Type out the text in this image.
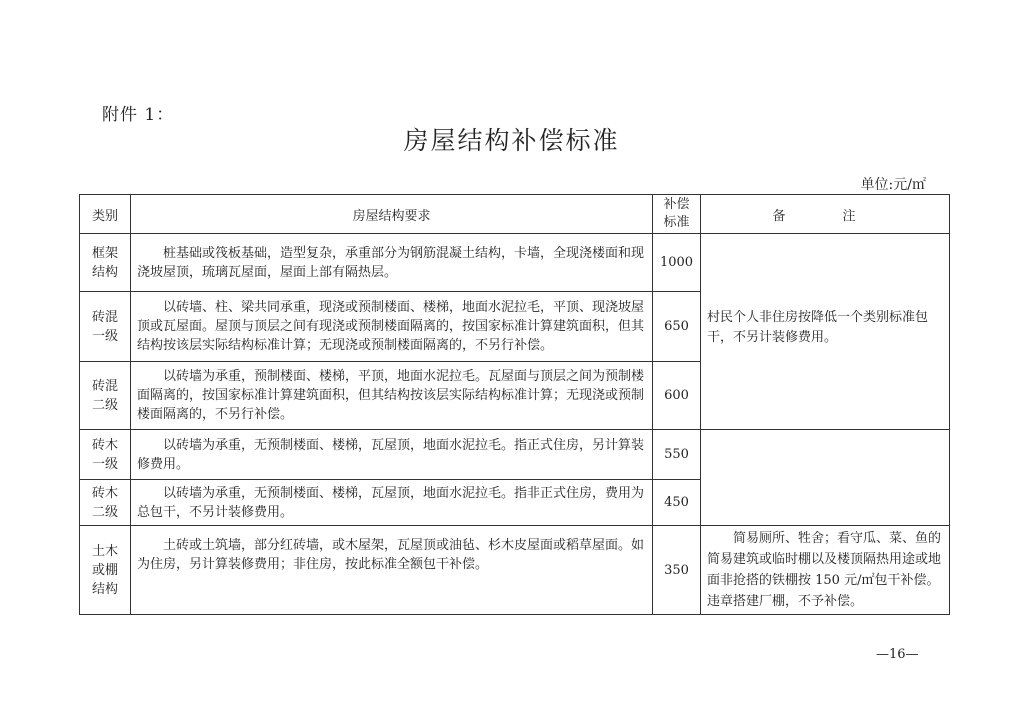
附件 1：
房屋结构补偿标准
单位:元/㎡
类别	房屋结构要求	补偿标准	备　注
框架结构	桩基础或筏板基础，造型复杂，承重部分为钢筋混凝土结构，卡墙，全现浇楼面和现浇坡屋顶，琉璃瓦屋面，屋面上部有隔热层。	1000	村民个人非住房按降低一个类别标准包干，不另计装修费用。
砖混一级	以砖墙、柱、梁共同承重，现浇或预制楼面、楼梯，地面水泥拉毛，平顶、现浇坡屋顶或瓦屋面。屋顶与顶层之间有现浇或预制楼面隔离的，按国家标准计算建筑面积，但其结构按该层实际结构标准计算；无现浇或预制楼面隔离的，不另行补偿。	650	
砖混二级	以砖墙为承重，预制楼面、楼梯，平顶，地面水泥拉毛。瓦屋面与顶层之间为预制楼面隔离的，按国家标准计算建筑面积，但其结构按该层实际结构标准计算；无现浇或预制楼面隔离的，不另行补偿。	600	
砖木一级	以砖墙为承重，无预制楼面、楼梯，瓦屋顶，地面水泥拉毛。指正式住房，另计算装修费用。	550	
砖木二级	以砖墙为承重，无预制楼面、楼梯，瓦屋顶，地面水泥拉毛。指非正式住房，费用为总包干，不另计装修费用。	450	
土木或棚结构	土砖或土筑墙，部分红砖墙，或木屋架，瓦屋顶或油毡、杉木皮屋面或稻草屋面。如为住房，另计算装修费用；非住房，按此标准全额包干补偿。	350	简易厕所、牲舍；看守瓜、菜、鱼的简易建筑或临时棚以及楼顶隔热用途或地面非抢搭的铁棚按 150 元/㎡包干补偿。违章搭建厂棚，不予补偿。
—16—
